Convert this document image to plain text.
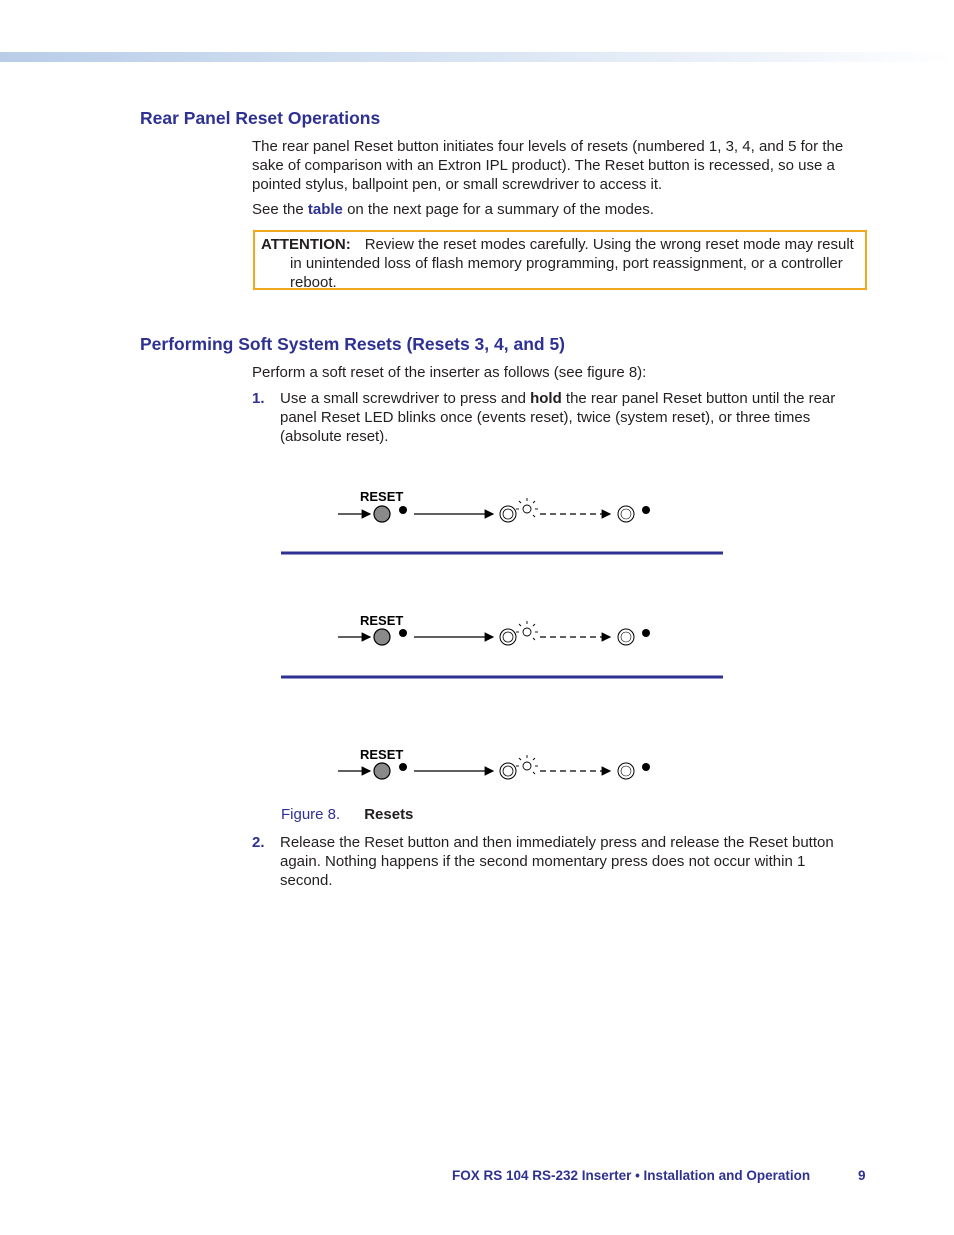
Rear Panel Reset Operations

The rear panel Reset button initiates four levels of resets (numbered 1, 3, 4, and 5 for the sake of comparison with an Extron IPL product). The Reset button is recessed, so use a pointed stylus, ballpoint pen, or small screwdriver to access it.

See the table on the next page for a summary of the modes.

ATTENTION: Review the reset modes carefully. Using the wrong reset mode may result
in unintended loss of flash memory programming, port reassignment, or a controller reboot.
Performing Soft System Resets (Resets 3, 4, and 5)

Perform a soft reset of the inserter as follows (see figure 8):

1. Use a small screwdriver to press and hold the rear panel Reset button until the rear panel Reset LED blinks once (events reset), twice (system reset), or three times (absolute reset).
RESET
RESET
RESET
Figure 8. Resets
2. Release the Reset button and then immediately press and release the Reset button again. Nothing happens if the second momentary press does not occur within 1 second.
FOX RS 104 RS-232 Inserter • Installation and Operation	9
